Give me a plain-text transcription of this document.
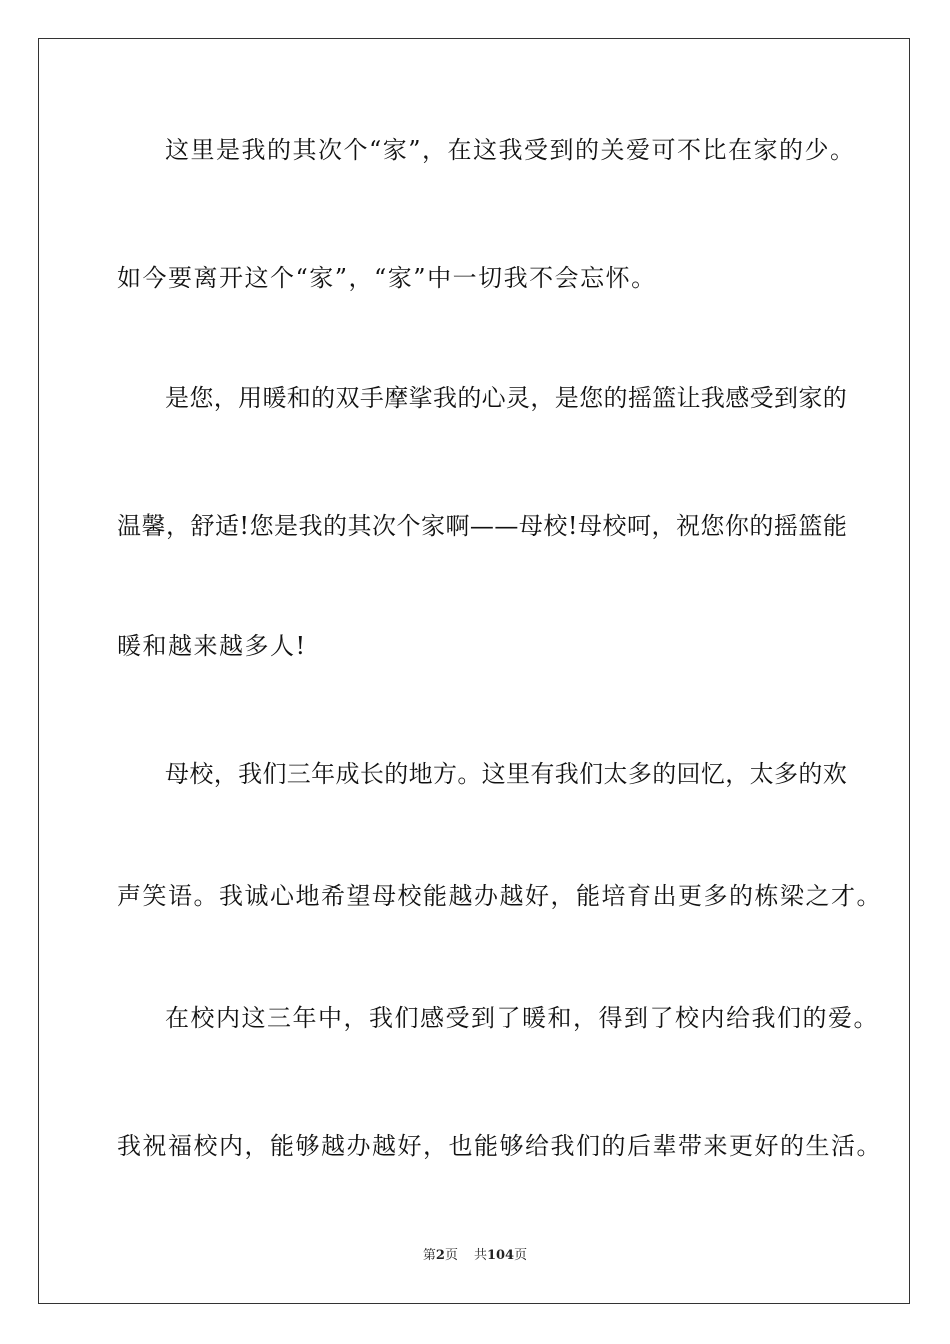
这里是我的其次个“家”，在这我受到的关爱可不比在家的少。
如今要离开这个“家”，“家”中一切我不会忘怀。
是 您 ， 用 暖 和 的 双 手 摩 挲 我 的 心 灵 ， 是 您 的 摇 篮 让 我 感 受 到 家 的
温 馨 ， 舒 适 ! 您 是 我 的 其 次 个 家 啊 — — 母 校 ! 母 校 呵 ， 祝 您 你 的 摇 篮 能
暖和越来越多人!
母 校 ， 我 们 三 年 成 长 的 地 方 。 这 里 有 我 们 太 多 的 回 忆 ， 太 多 的 欢
声笑语。我诚心地希望母校能越办越好，能培育出更多的栋梁之才。
在校内这三年中，我们感受到了暖和，得到了校内给我们的爱。
我祝福校内，能够越办越好，也能够给我们的后辈带来更好的生活。
第2页 共104页
